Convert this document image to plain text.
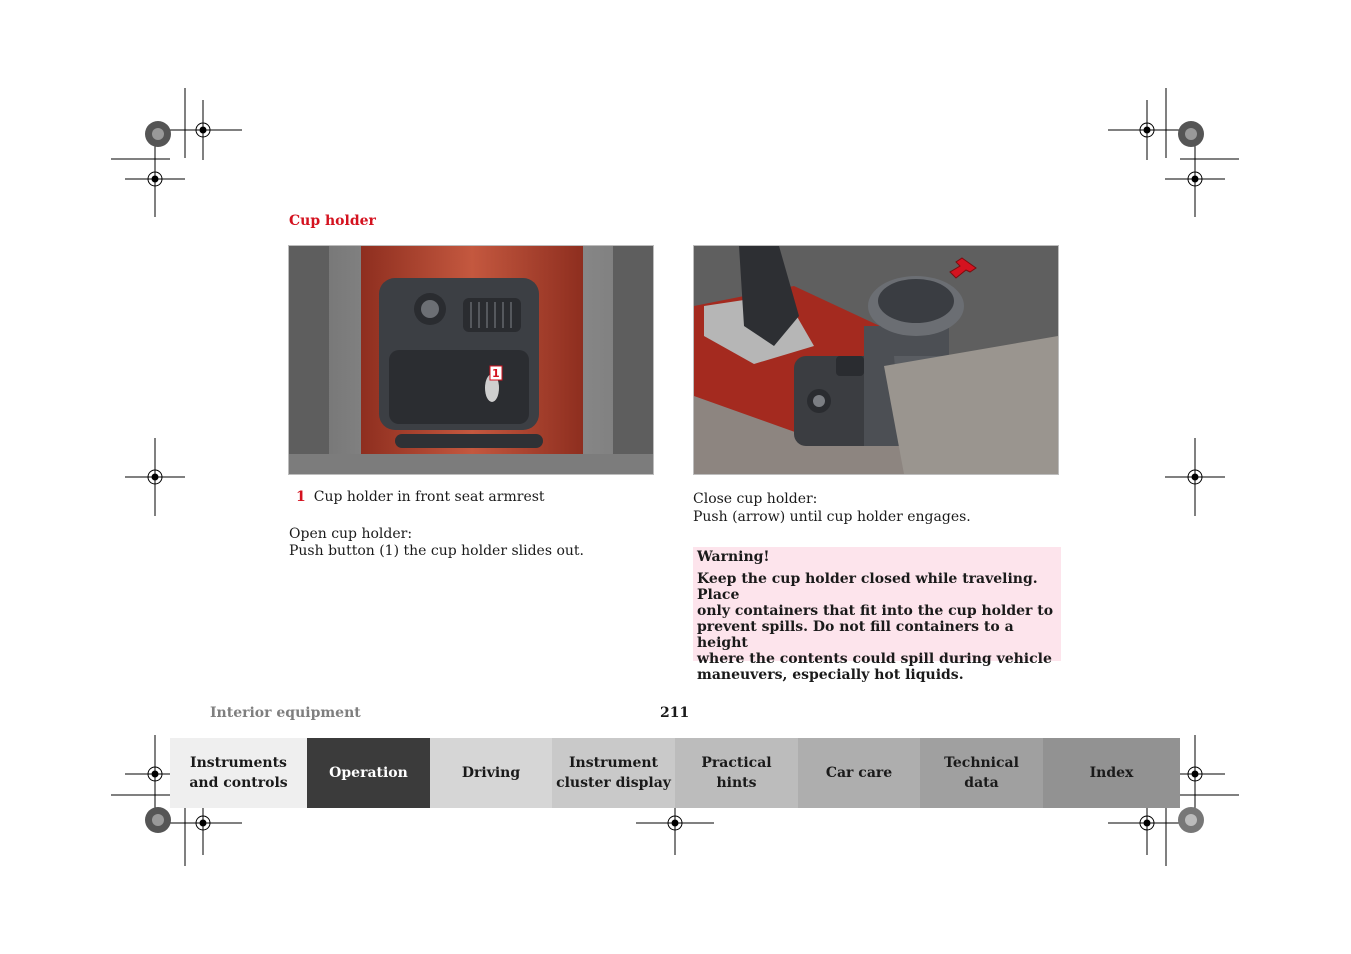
Cup holder
1
1 Cup holder in front seat armrest
Open cup holder:
Push button (1) the cup holder slides out.
Close cup holder:
Push (arrow) until cup holder engages.
Warning!
Keep the cup holder closed while traveling. Place
only containers that fit into the cup holder to
prevent spills. Do not fill containers to a height
where the contents could spill during vehicle
maneuvers, especially hot liquids.
Interior equipment	211
Instruments
and controls
Operation	Driving
Instrument
cluster display
Practical hints
Car care
Technical
data
Index
